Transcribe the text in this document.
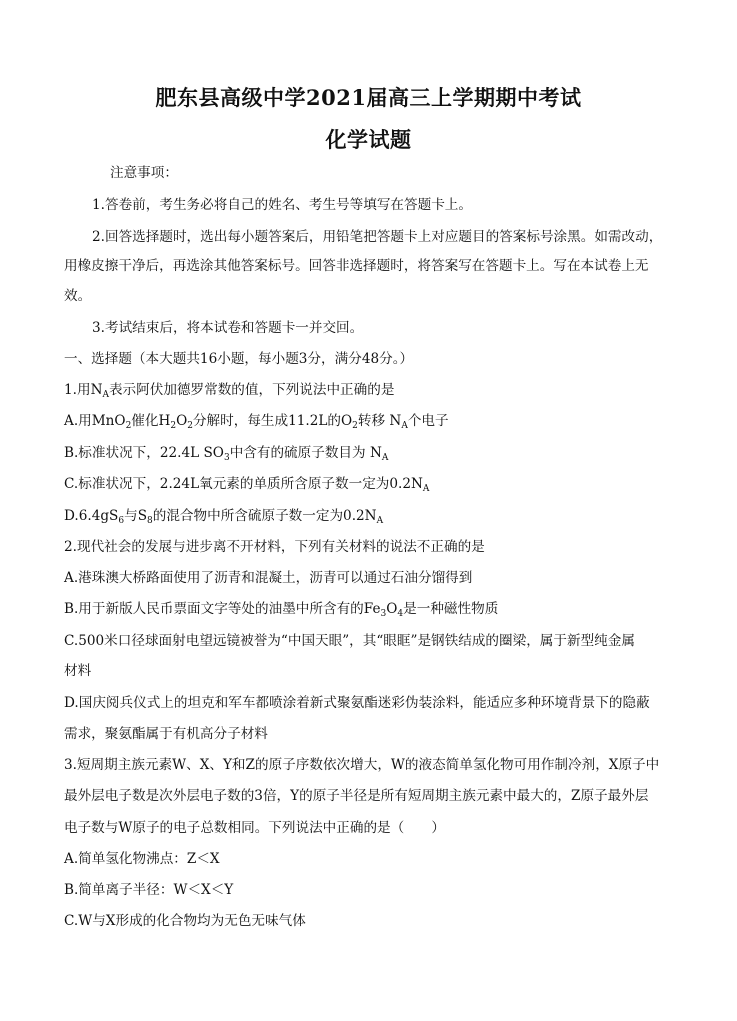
肥东县高级中学2021届高三上学期期中考试
化学试题
注意事项：
1.答卷前，考生务必将自己的姓名、考生号等填写在答题卡上。
2.回答选择题时，选出每小题答案后，用铅笔把答题卡上对应题目的答案标号涂黑。如需改动，
用橡皮擦干净后，再选涂其他答案标号。回答非选择题时，将答案写在答题卡上。写在本试卷上无
效。
3.考试结束后，将本试卷和答题卡一并交回。
一、选择题（本大题共16小题，每小题3分，满分48分。）
1.用$N_A$表示阿伏加德罗常数的值，下列说法中正确的是
A.用MnO$_2$催化$H_2O_2$分解时，每生成11.2L的$O_2$转移 $N_A$个电子
B.标准状况下，22.4L $SO_3$中含有的硫原子数目为 $N_A$
C.标准状况下，2.24L氧元素的单质所含原子数一定为$0.2N_A$
$D.6.4gS_6$与$S_8$的混合物中所含硫原子数一定为$0.2N_A$
2.现代社会的发展与进步离不开材料，下列有关材料的说法不正确的是
A.港珠澳大桥路面使用了沥青和混凝土，沥青可以通过石油分馏得到
B.用于新版人民币票面文字等处的油墨中所含有的$Fe_3O_4$是一种磁性物质
C.500米口径球面射电望远镜被誉为“中国天眼”，其“眼眶”是钢铁结成的圈梁，属于新型纯金属
材料
D.国庆阅兵仪式上的坦克和军车都喷涂着新式聚氨酯迷彩伪装涂料，能适应多种环境背景下的隐蔽
需求，聚氨酯属于有机高分子材料
3.短周期主族元素W、X、Y和Z的原子序数依次增大，W的液态简单氢化物可用作制冷剂，X原子中
最外层电子数是次外层电子数的3倍，Y的原子半径是所有短周期主族元素中最大的，Z原子最外层
电子数与W原子的电子总数相同。下列说法中正确的是（　　）
A.简单氢化物沸点：Z＜X
B.简单离子半径：W＜X＜Y
C.W与X形成的化合物均为无色无味气体
